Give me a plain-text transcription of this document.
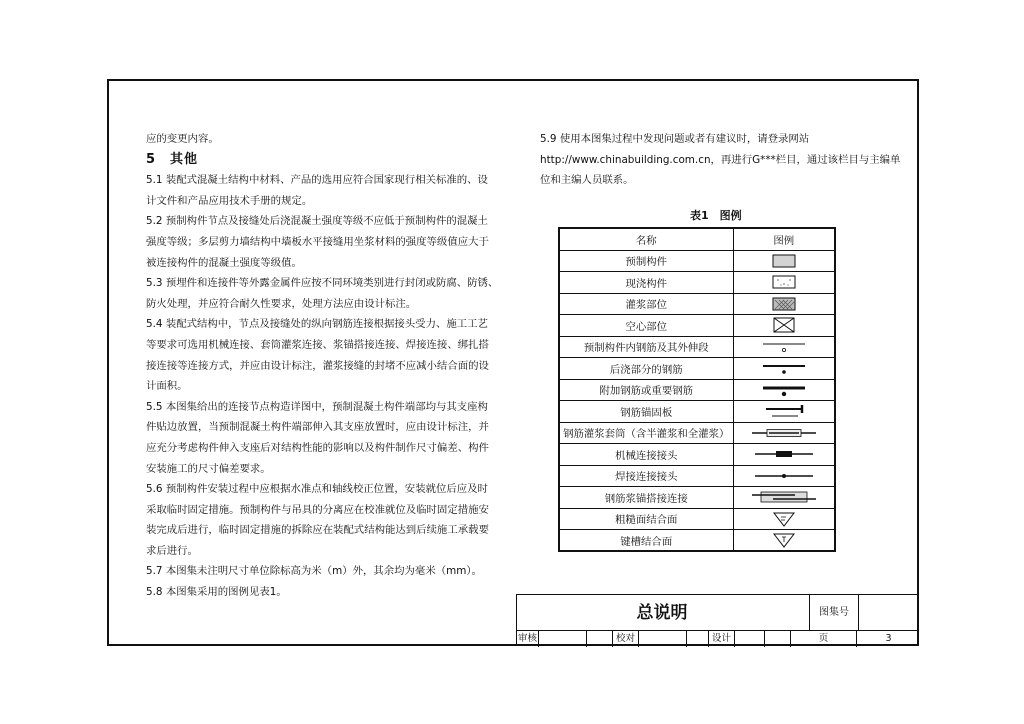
应的变更内容。

5　其他

5.1 装配式混凝土结构中材料、产品的选用应符合国家现行相关标准的、设

计文件和产品应用技术手册的规定。

5.2 预制构件节点及接缝处后浇混凝土强度等级不应低于预制构件的混凝土

强度等级；多层剪力墙结构中墙板水平接缝用坐浆材料的强度等级值应大于

被连接构件的混凝土强度等级值。

5.3 预埋件和连接件等外露金属件应按不同环境类别进行封闭或防腐、防锈、

防火处理，并应符合耐久性要求，处理方法应由设计标注。

5.4 装配式结构中，节点及接缝处的纵向钢筋连接根据接头受力、施工工艺

等要求可选用机械连接、套筒灌浆连接、浆锚搭接连接、焊接连接、绑扎搭

接连接等连接方式，并应由设计标注，灌浆接缝的封堵不应减小结合面的设

计面积。

5.5 本图集给出的连接节点构造详图中，预制混凝土构件端部均与其支座构

件贴边放置，当预制混凝土构件端部伸入其支座放置时，应由设计标注，并

应充分考虑构件伸入支座后对结构性能的影响以及构件制作尺寸偏差、构件

安装施工的尺寸偏差要求。

5.6 预制构件安装过程中应根据水准点和轴线校正位置，安装就位后应及时

采取临时固定措施。预制构件与吊具的分离应在校准就位及临时固定措施安

装完成后进行，临时固定措施的拆除应在装配式结构能达到后续施工承载要

求后进行。

5.7 本图集未注明尺寸单位除标高为米（m）外，其余均为毫米（mm）。

5.8 本图集采用的图例见表1。

5.9 使用本图集过程中发现问题或者有建议时，请登录网站

http://www.chinabuilding.com.cn，再进行G***栏目，通过该栏目与主编单

位和主编人员联系。

表1　图例
名称	图例
预制构件	

现浇构件	

灌浆部位	

空心部位	

预制构件内钢筋及其外伸段	

后浇部分的钢筋	

附加钢筋或重要钢筋	

钢筋锚固板	

钢筋灌浆套筒（含半灌浆和全灌浆）	

机械连接接头	

焊接连接接头	

钢筋浆锚搭接连接	

粗糙面结合面	

键槽结合面	
总说明	图集号
审核	校对	设计	页	3
